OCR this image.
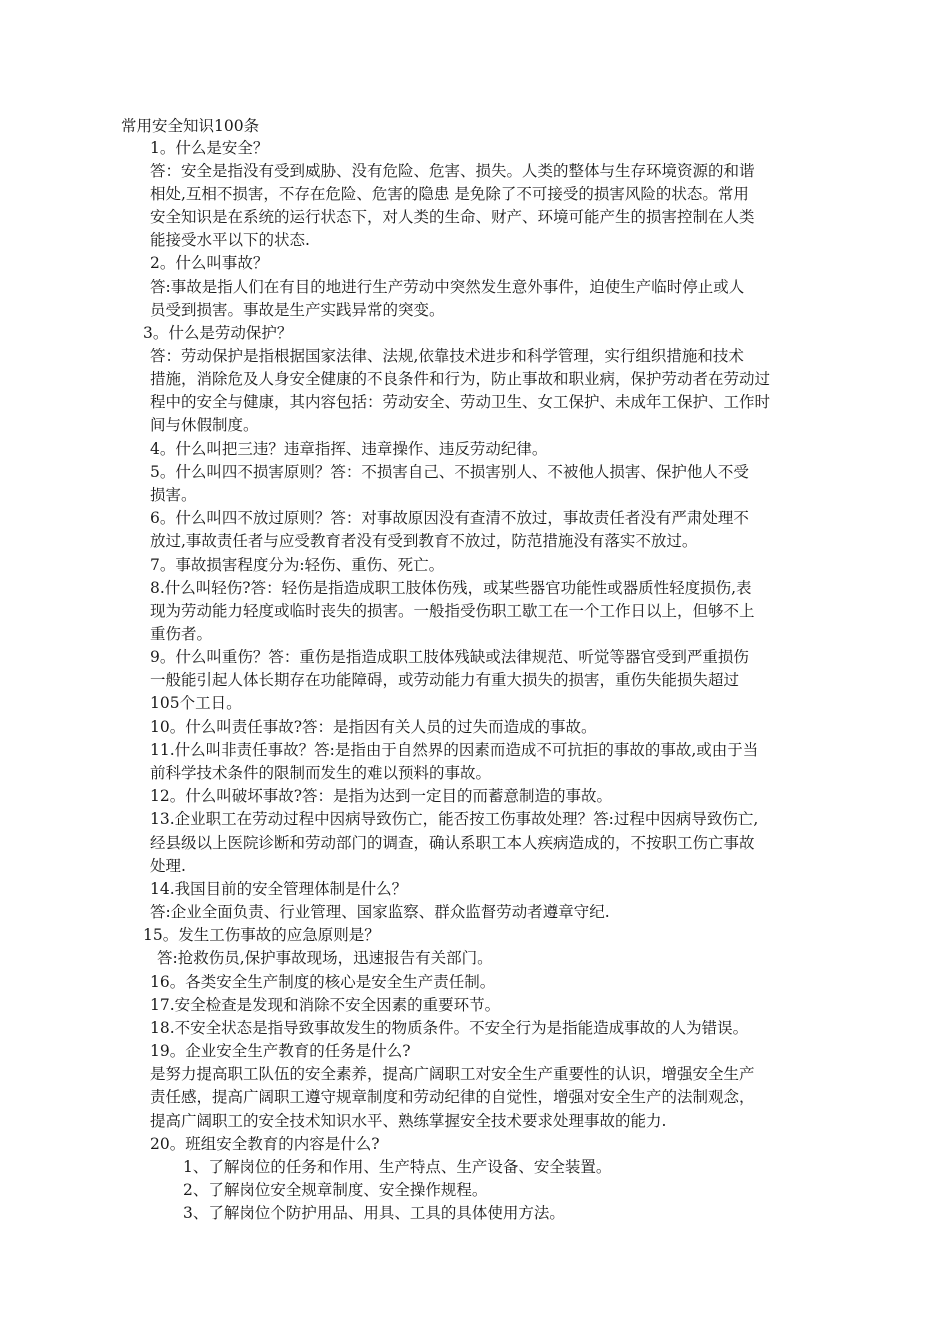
常用安全知识100条
1。什么是安全？
答：安全是指没有受到威胁、没有危险、危害、损失。人类的整体与生存环境资源的和谐
相处,互相不损害，不存在危险、危害的隐患 是免除了不可接受的损害风险的状态。常用
安全知识是在系统的运行状态下，对人类的生命、财产、环境可能产生的损害控制在人类
能接受水平以下的状态.
2。什么叫事故？
答:事故是指人们在有目的地进行生产劳动中突然发生意外事件，迫使生产临时停止或人
员受到损害。事故是生产实践异常的突变。
3。什么是劳动保护？
答：劳动保护是指根据国家法律、法规,依靠技术进步和科学管理，实行组织措施和技术
措施，消除危及人身安全健康的不良条件和行为，防止事故和职业病，保护劳动者在劳动过
程中的安全与健康，其内容包括：劳动安全、劳动卫生、女工保护、未成年工保护、工作时
间与休假制度。
4。什么叫把三违？违章指挥、违章操作、违反劳动纪律。
5。什么叫四不损害原则？答：不损害自己、不损害别人、不被他人损害、保护他人不受
损害。
6。什么叫四不放过原则？答：对事故原因没有查清不放过，事故责任者没有严肃处理不
放过,事故责任者与应受教育者没有受到教育不放过，防范措施没有落实不放过。
7。事故损害程度分为:轻伤、重伤、死亡。
8.什么叫轻伤?答：轻伤是指造成职工肢体伤残，或某些器官功能性或器质性轻度损伤,表
现为劳动能力轻度或临时丧失的损害。一般指受伤职工歇工在一个工作日以上，但够不上
重伤者。
9。什么叫重伤？答：重伤是指造成职工肢体残缺或法律规范、听觉等器官受到严重损伤
一般能引起人体长期存在功能障碍，或劳动能力有重大损失的损害，重伤失能损失超过
105个工日。
10。什么叫责任事故?答：是指因有关人员的过失而造成的事故。
11.什么叫非责任事故？答:是指由于自然界的因素而造成不可抗拒的事故的事故,或由于当
前科学技术条件的限制而发生的难以预料的事故。
12。什么叫破坏事故?答：是指为达到一定目的而蓄意制造的事故。
13.企业职工在劳动过程中因病导致伤亡，能否按工伤事故处理？答:过程中因病导致伤亡,
经县级以上医院诊断和劳动部门的调查，确认系职工本人疾病造成的，不按职工伤亡事故
处理.
14.我国目前的安全管理体制是什么？
答:企业全面负责、行业管理、国家监察、群众监督劳动者遵章守纪.
15。发生工伤事故的应急原则是？
答:抢救伤员,保护事故现场，迅速报告有关部门。
16。各类安全生产制度的核心是安全生产责任制。
17.安全检查是发现和消除不安全因素的重要环节。
18.不安全状态是指导致事故发生的物质条件。不安全行为是指能造成事故的人为错误。
19。企业安全生产教育的任务是什么?
是努力提高职工队伍的安全素养，提高广阔职工对安全生产重要性的认识，增强安全生产
责任感，提高广阔职工遵守规章制度和劳动纪律的自觉性，增强对安全生产的法制观念，
提高广阔职工的安全技术知识水平、熟练掌握安全技术要求处理事故的能力.
20。班组安全教育的内容是什么?
1、了解岗位的任务和作用、生产特点、生产设备、安全装置。
2、了解岗位安全规章制度、安全操作规程。
3、了解岗位个防护用品、用具、工具的具体使用方法。
